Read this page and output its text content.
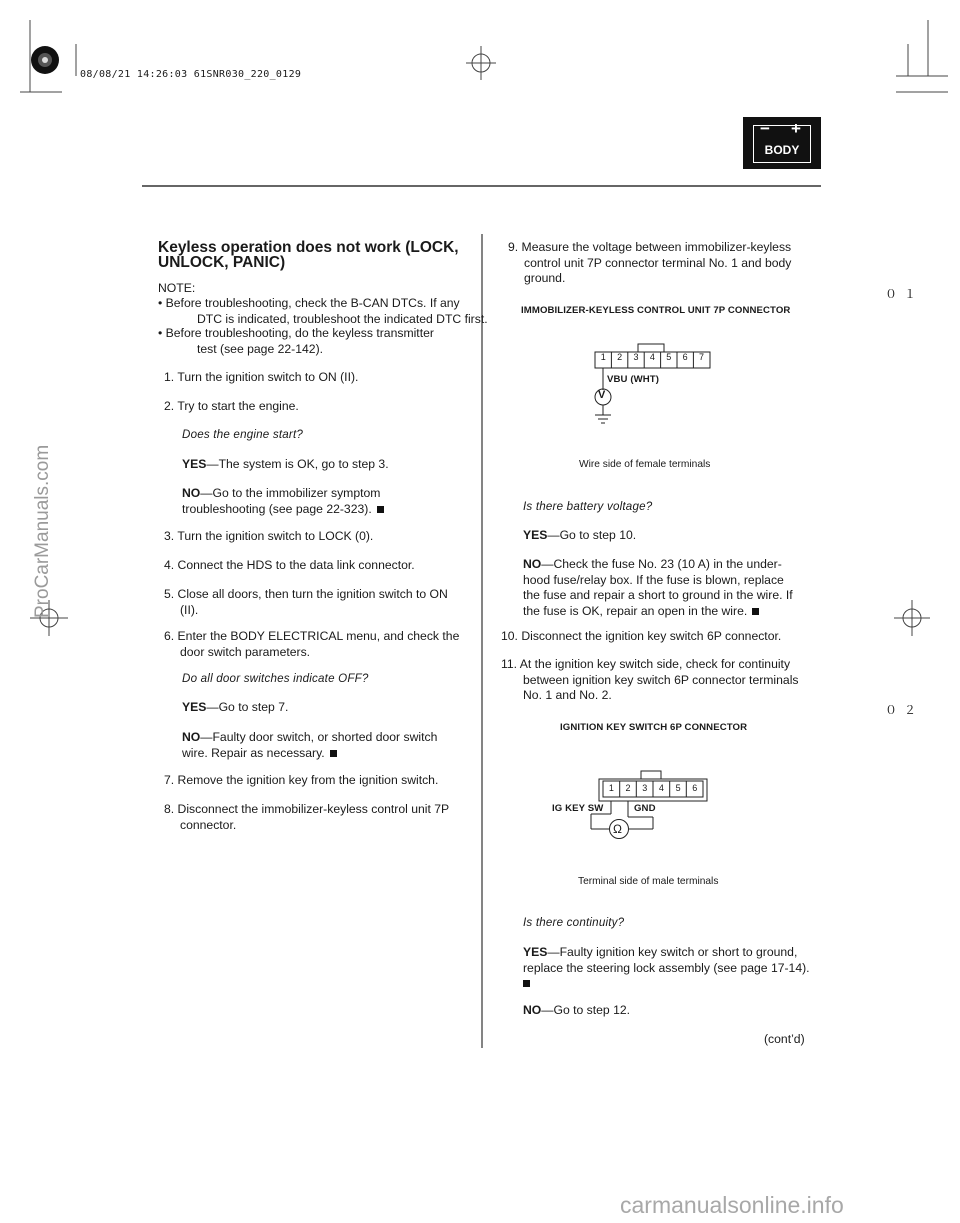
08/08/21 14:26:03 61SNR030_220_0129
− +
BODY
０１
０２
ProCarManuals.com
carmanualsonline.info
Keyless operation does not work (LOCK,
UNLOCK, PANIC)
NOTE:
• Before troubleshooting, check the B-CAN DTCs. If any
DTC is indicated, troubleshoot the indicated DTC first.
• Before troubleshooting, do the keyless transmitter
test (see page 22-142).
1. Turn the ignition switch to ON (II).
2. Try to start the engine.
Does the engine start?
YES—The system is OK, go to step 3.
NO—Go to the immobilizer symptom
troubleshooting (see page 22-323).
3. Turn the ignition switch to LOCK (0).
4. Connect the HDS to the data link connector.
5. Close all doors, then turn the ignition switch to ON
(II).
6. Enter the BODY ELECTRICAL menu, and check the
door switch parameters.
Do all door switches indicate OFF?
YES—Go to step 7.
NO—Faulty door switch, or shorted door switch
wire. Repair as necessary.
7. Remove the ignition key from the ignition switch.
8. Disconnect the immobilizer-keyless control unit 7P
connector.
9. Measure the voltage between immobilizer-keyless
control unit 7P connector terminal No. 1 and body
ground.
IMMOBILIZER-KEYLESS CONTROL UNIT 7P CONNECTOR
1	2	3	4	5	6	7
VBU (WHT)
V
Wire side of female terminals
Is there battery voltage?
YES—Go to step 10.
NO—Check the fuse No. 23 (10 A) in the under-
hood fuse/relay box. If the fuse is blown, replace
the fuse and repair a short to ground in the wire. If
the fuse is OK, repair an open in the wire.
10. Disconnect the ignition key switch 6P connector.
11. At the ignition key switch side, check for continuity
between ignition key switch 6P connector terminals
No. 1 and No. 2.
IGNITION KEY SWITCH 6P CONNECTOR
1	2	3	4	5	6
IG KEY SW	GND
Ω
Terminal side of male terminals
Is there continuity?
YES—Faulty ignition key switch or short to ground,
replace the steering lock assembly (see page 17-14).
NO—Go to step 12.
(cont’d)
